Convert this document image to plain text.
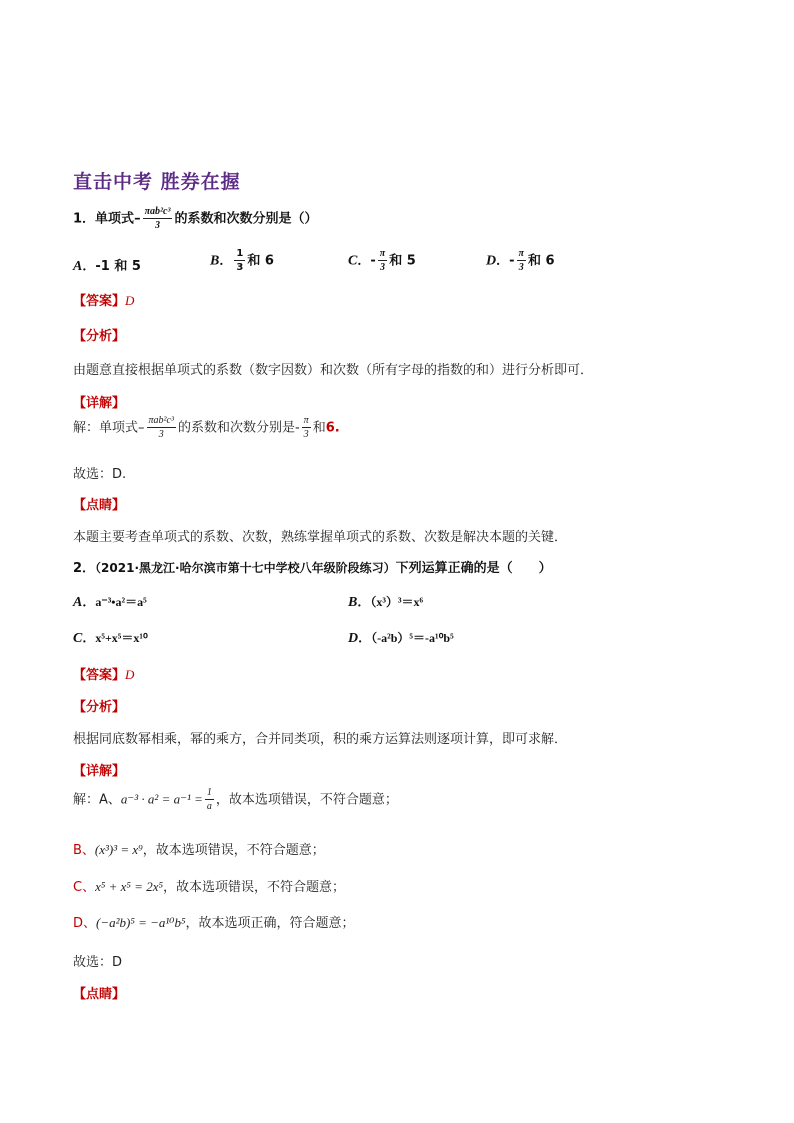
直击中考 胜券在握
1．单项式– $\frac{\text{πab²c³}}{3}$ 的系数和次数分别是（）
A．-1 和 5	B． $\frac{1}{3}$ 和 6	C．- $\frac{\pi}{3}$ 和 5	D．- $\frac{\pi}{3}$ 和 6
【答案】D
【分析】
由题意直接根据单项式的系数（数字因数）和次数（所有字母的指数的和）进行分析即可．
【详解】
解：单项式– $\frac{\text{πab²c³}}{3}$ 的系数和次数分别是- $\frac{\pi}{3}$ 和6.
故选：D.
【点睛】
本题主要考查单项式的系数、次数，熟练掌握单项式的系数、次数是解决本题的关键．
2．（2021·黑龙江·哈尔滨市第十七中学校八年级阶段练习）下列运算正确的是（　　）
A．a⁻³•a²＝a⁵	B．（x³）³＝x⁶
C．x⁵+x⁵＝x¹⁰	D．（-a²b）⁵＝-a¹⁰b⁵
【答案】D
【分析】
根据同底数幂相乘，幂的乘方，合并同类项，积的乘方运算法则逐项计算，即可求解．
【详解】
解：A、$a^{-3} \cdot a^2 = a^{-1} = \frac{1}{a}$ ，故本选项错误，不符合题意；
B、(x³)³ = x⁹，故本选项错误，不符合题意；
C、x⁵ + x⁵ = 2x⁵，故本选项错误，不符合题意；
D、(−a²b)⁵ = −a¹⁰b⁵，故本选项正确，符合题意；
故选：D
【点睛】
